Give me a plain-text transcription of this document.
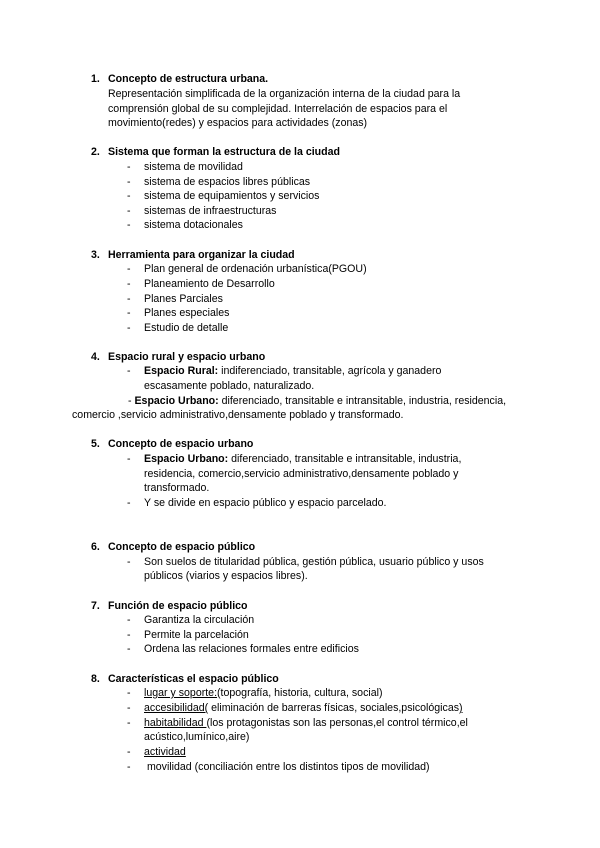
1. Concepto de estructura urbana.
Representación simplificada de la organización interna de la ciudad para la
comprensión global de su complejidad. Interrelación de espacios para el
movimiento(redes) y espacios para actividades (zonas)
2. Sistema que forman la estructura de la ciudad
- sistema de movilidad
- sistema de espacios libres públicas
- sistema de equipamientos y servicios
- sistemas de infraestructuras
- sistema dotacionales
3. Herramienta para organizar la ciudad
- Plan general de ordenación urbanística(PGOU)
- Planeamiento de Desarrollo
- Planes Parciales
- Planes especiales
- Estudio de detalle
4. Espacio rural y espacio urbano
- Espacio Rural: indiferenciado, transitable, agrícola y ganadero
escasamente poblado, naturalizado.
- Espacio Urbano: diferenciado, transitable e intransitable, industria, residencia,
comercio ,servicio administrativo,densamente poblado y transformado.
5. Concepto de espacio urbano
- Espacio Urbano: diferenciado, transitable e intransitable, industria,
residencia, comercio,servicio administrativo,densamente poblado y
transformado.
- Y se divide en espacio público y espacio parcelado.
6. Concepto de espacio público
- Son suelos de titularidad pública, gestión pública, usuario público y usos
públicos (viarios y espacios libres).
7. Función de espacio público
- Garantiza la circulación
- Permite la parcelación
- Ordena las relaciones formales entre edificios
8. Características el espacio público
- lugar y soporte:(topografía, historia, cultura, social)
- accesibilidad( eliminación de barreras físicas, sociales,psicológicas)
- habitabilidad (los protagonistas son las personas,el control térmico,el
acústico,lumínico,aire)
- actividad
- movilidad (conciliación entre los distintos tipos de movilidad)
